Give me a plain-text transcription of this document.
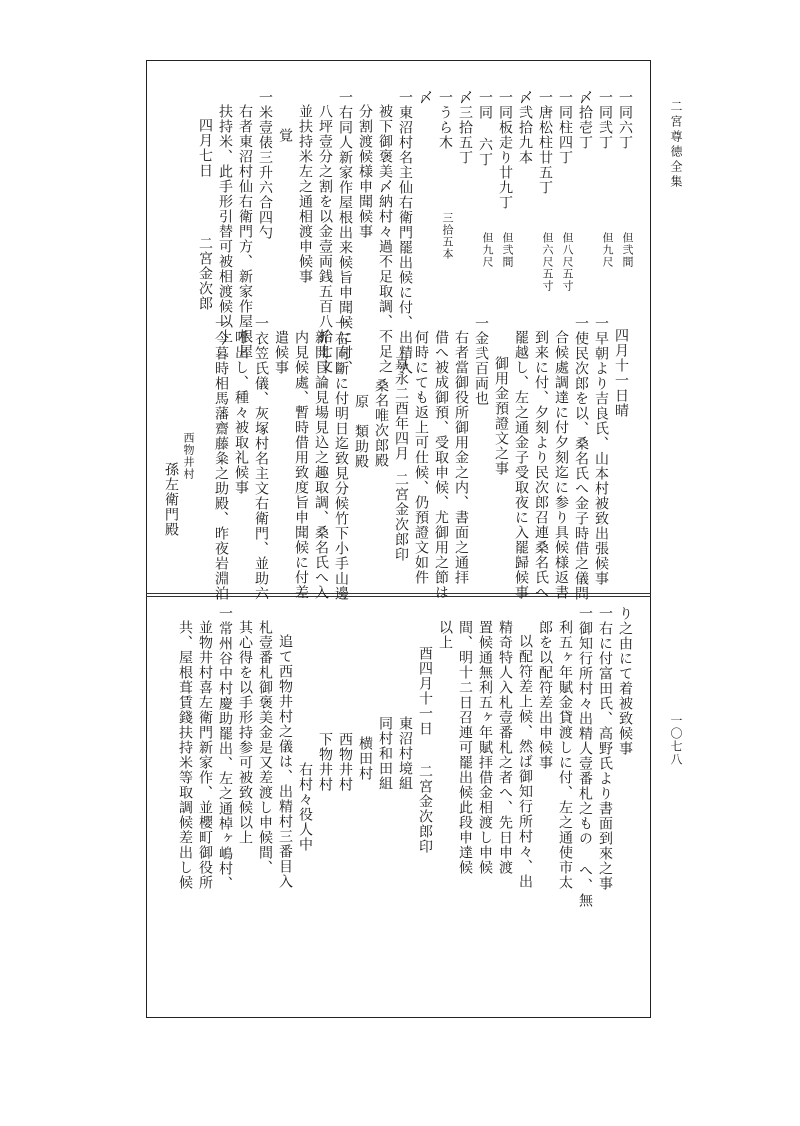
二宮尊徳全集
一〇七八
一同六丁
但弐間
一同弐丁
但九尺
〆拾壱丁
一同柱四丁
但八尺五寸
一唐松柱廿五丁
但六尺五寸
〆弐拾九本
一同板走り廿九丁
但弐間
一同 六丁
但九尺
〆三拾五丁
一うら木
三拾五本
〆
一東沼村名主仙右衛門罷出候に付、出精人
被下御褒美〆納村々過不足取調、不足之
分割渡候様申聞候事
一右同人新家作屋根出来候旨申聞候に付、
八坪壹分之割を以金壹両銭五百八拾七文
並扶持米左之通相渡申候事
覚
一米壹俵三升六合四勺
右者東沼村仙右衛門方、新家作屋根屋
扶持米、此手形引替可被相渡候以上
四月七日
二宮金次郎
西物井村
孫左衛門殿
四月十一日晴
一早朝より吉良氏、山本村被致出張候事
一使民次郎を以、桑名氏へ金子時借之儀問
合候處調達に付夕刻迄に参り具候様返書
到来に付、夕刻より民次郎召連桑名氏へ
罷越し、左之通金子受取夜に入罷歸候事
御用金預證文之事
一金弐百両也
右者當御役所御用金之内、書面之通拝
借へ被成御預、受取申候、尤御用之節は
何時にても返上可仕候、仍預證文如件
嘉永二酉年四月
二宮金次郎印
桑名唯次郎殿
原　類助殿
一右同斷に付明日迄致見分候竹下小手山邊
新開目論見場見込之趣取調、桑名氏へ入
内見候處、暫時借用致度旨申聞候に付差
遣候事
一衣笠氏儀、灰塚村名主文右衛門、並助六
呼出し、種々被取礼候事
一今暮時相馬藩齋藤粂之助殿、昨夜岩淵泊
り之由にて着被致候事
一右に付富田氏、高野氏より書面到來之事
一御知行所村々出精人壹番札之もの へ、無
利五ヶ年賦金貸渡しに付、左之通使市太
郎を以配符差出申候事
以配符差上候、然ば御知行所村々、出
精奇特人入札壹番札之者へ、先日申渡
置候通無利五ヶ年賦拝借金相渡し申候
間、明十二日召連可罷出候此段申達候
以上
酉四月十一日
二宮金次郎印
東沼村境組
同村和田組
横田村
西物井村
下物井村
右村々役人中
追て西物井村之儀は、出精村三番目入
札壹番札御褒美金是又差渡し申候間、
其心得を以手形持参可被致候以上
一常州谷中村慶助罷出、左之通棹ヶ嶋村、
並物井村喜左衛門新家作、並櫻町御役所
共、屋根葺賃錢扶持米等取調候差出し候
